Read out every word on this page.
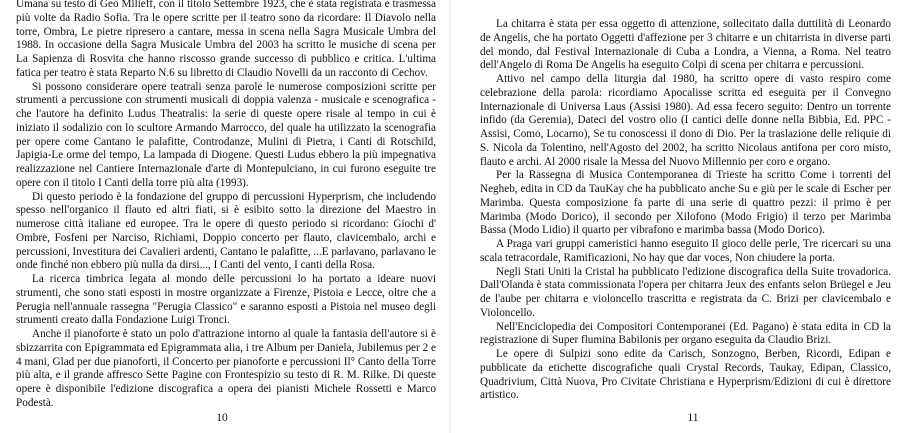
Umana su testo di Geo Milieff, con il titolo Settembre 1923, che è stata registrata e trasmessa più volte da Radio Sofia. Tra le opere scritte per il teatro sono da ricordare: Il Diavolo nella torre, Ombra, Le pietre ripresero a cantare, messa in scena nella Sagra Musicale Umbra del 1988. In occasione della Sagra Musicale Umbra del 2003 ha scritto le musiche di scena per La Sapienza di Rosvita che hanno riscosso grande successo di pubblico e critica. L'ultima fatica per teatro è stata Reparto N.6 su libretto di Claudio Novelli da un racconto di Cechov.

Si possono considerare opere teatrali senza parole le numerose composizioni scritte per strumenti a percussione con strumenti musicali di doppia valenza - musicale e scenografica - che l'autore ha definito Ludus Theatralis: la serie di queste opere risale al tempo in cui è iniziato il sodalizio con lo scultore Armando Marrocco, del quale ha utilizzato la scenografia per opere come Cantano le palafitte, Controdanze, Mulini di Pietra, i Canti di Rotschild, Japigia-Le orme del tempo, La lampada di Diogene. Questi Ludus ebbero la più impegnativa realizzazione nel Cantiere Internazionale d'arte di Montepulciano, in cui furono eseguite tre opere con il titolo I Canti della torre più alta (1993).

Di questo periodo è la fondazione del gruppo di percussioni Hyperprism, che includendo spesso nell'organico il flauto ed altri fiati, si è esibito sotto la direzione del Maestro in numerose città italiane ed europee. Tra le opere di questo periodo si ricordano: Giochi d' Ombre, Fosfeni per Narciso, Richiami, Doppio concerto per flauto, clavicembalo, archi e percussioni, Investitura dei Cavalieri ardenti, Cantano le palafitte, ...E parlavano, parlavano le onde finché non ebbero più nulla da dirsi..., I Canti del vento, I canti della Rosa.

La ricerca timbrica legata al mondo delle percussioni lo ha portato a idearе nuovi strumenti, che sono stati esposti in mostre organizzate a Firenze, Pistoia e Lecce, oltre che a Perugia nell'annuale rassegna "Perugia Classico" e saranno esposti a Pistoia nel museo degli strumenti creato dalla Fondazione Luigi Tronci.

Anche il pianoforte è stato un polo d'attrazione intorno al quale la fantasia dell'autore si è sbizzarrita con Epigrammata ed Epigrammata alia, i tre Album per Daniela, Jubilemus per 2 e 4 mani, Glad per due pianoforti, il Concerto per pianoforte e percussioni Il° Canto della Torre più alta, e il grande affresco Sette Pagine con Frontespizio su testo di R. M. Rilke. Di queste opere è disponibile l'edizione discografica a opera dei pianisti Michele Rossetti e Marco Podestà.

10

La chitarra è stata per essa oggetto di attenzione, sollecitato dalla duttilità di Leonardo de Angelis, che ha portato Oggetti d'affezione per 3 chitarre e un chitarrista in diverse parti del mondo, dal Festival Internazionale di Cuba a Londra, a Vienna, a Roma. Nel teatro dell'Angelo di Roma De Angelis ha eseguito Colpi di scena per chitarra e percussioni.

Attivo nel campo della liturgia dal 1980, ha scritto opere di vasto respiro come celebrazione della parola: ricordiamo Apocalisse scritta ed eseguita per il Convegno Internazionale di Universa Laus (Assisi 1980). Ad essa fecero seguito: Dentro un torrente infido (da Geremia), Dateci del vostro olio (I cantici delle donne nella Bibbia, Ed. PPC - Assisi, Como, Locarno), Se tu conoscessi il dono di Dio. Per la traslazione delle reliquie di S. Nicola da Tolentino, nell'Agosto del 2002, ha scritto Nicolaus antifona per coro misto, flauto e archi. Al 2000 risale la Messa del Nuovo Millennio per coro e organo.

Per la Rassegna di Musica Contemporanea di Trieste ha scritto Come i torrenti del Negheb, edita in CD da TauKay che ha pubblicato anche Su e giù per le scale di Escher per Marimba. Questa composizione fa parte di una serie di quattro pezzi: il primo è per Marimba (Modo Dorico), il secondo per Xilofono (Modo Frigio) il terzo per Marimba Bassa (Modo Lidio) il quarto per vibrafono e marimba bassa (Modo Dorico).

A Praga vari gruppi cameristici hanno eseguito Il gioco delle perle, Tre ricercari su una scala tetracordale, Ramificazioni, No hay que dar voces, Non chiudere la porta.

Negli Stati Uniti la Cristal ha pubblicato l'edizione discografica della Suite trovadorica. Dall'Olanda è stata commissionata l'opera per chitarra Jeux des enfants selon Brüegel e Jeu de l'aube per chitarra e violoncello trascritta e registrata da C. Brizi per clavicembalo e Violoncello.

Nell'Enciclopedia dei Compositori Contemporanei (Ed. Pagano) è stata edita in CD la registrazione di Super flumina Babilonis per organo eseguita da Claudio Brizi.

Le opere di Sulpizi sono edite da Carisch, Sonzogno, Berben, Ricordi, Edipan e pubblicate da etichette discografiche quali Crystal Records, Taukay, Edipan, Classico, Quadrivium, Città Nuova, Pro Civitate Christiana e Hyperprism/Edizioni di cui è direttore artistico.

11
